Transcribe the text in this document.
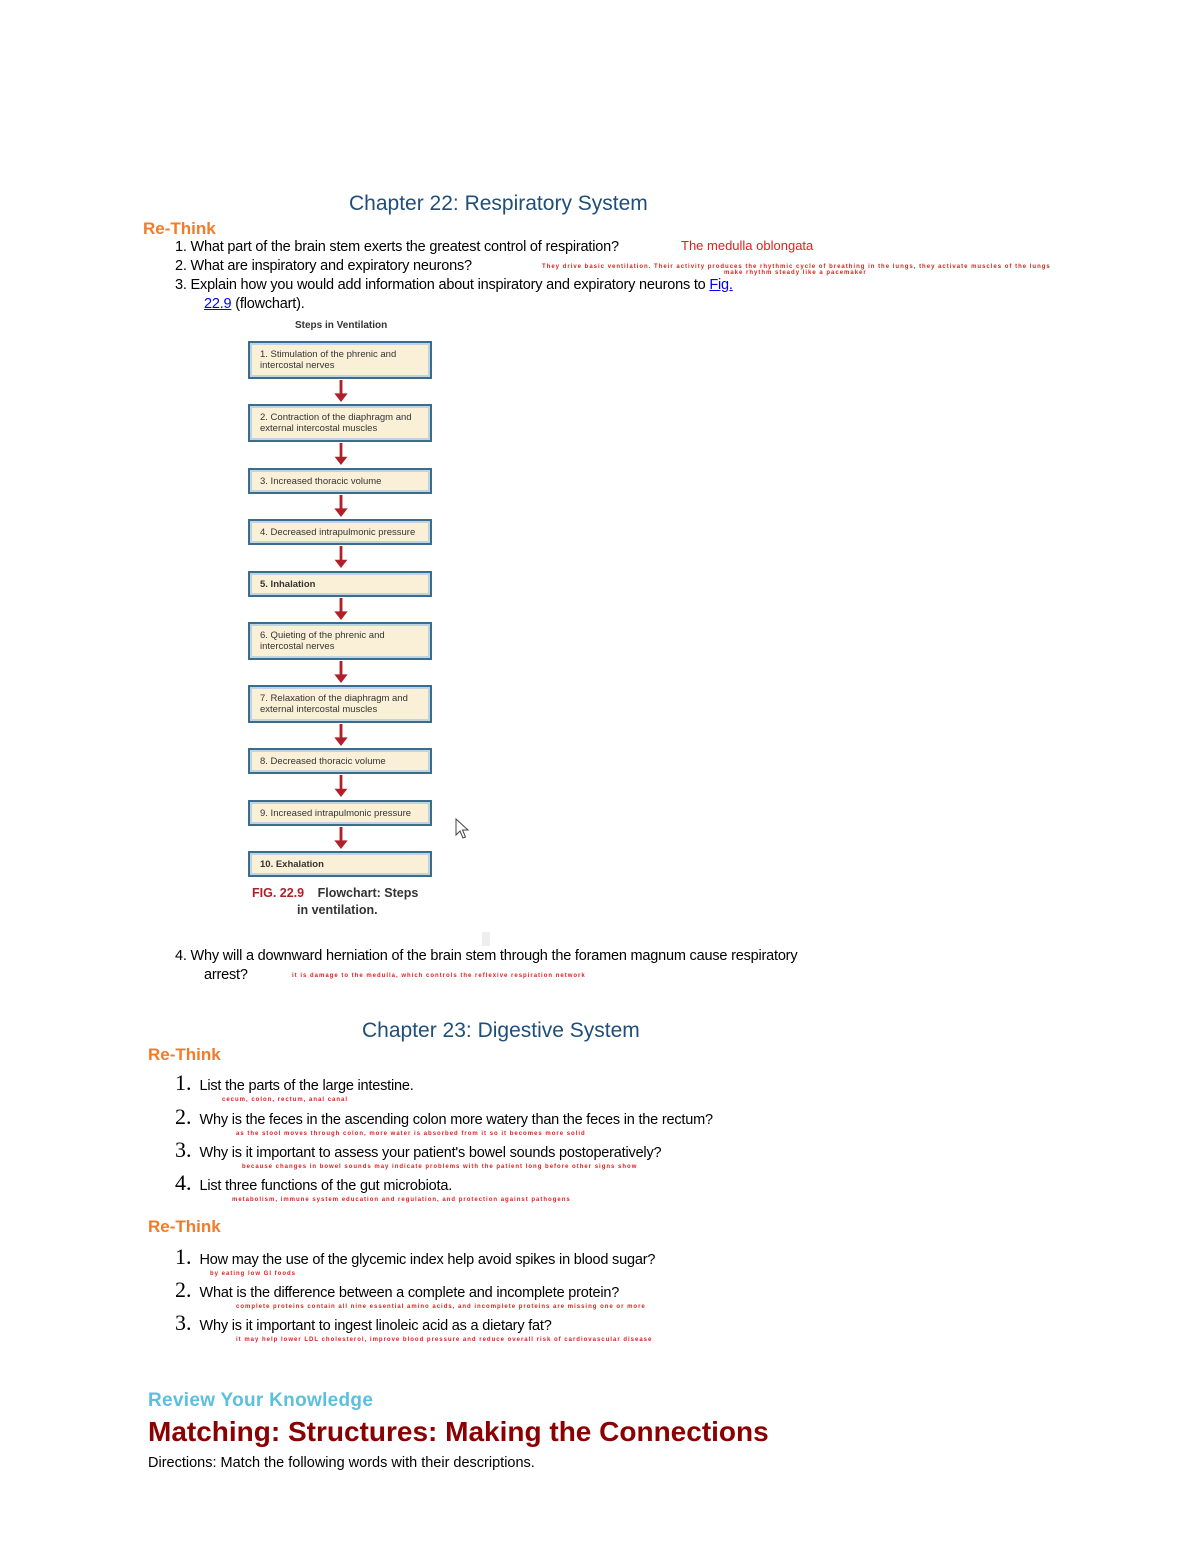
Chapter 22: Respiratory System
Re-Think
1. What part of the brain stem exerts the greatest control of respiration?	The medulla oblongata
2. What are inspiratory and expiratory neurons?	They drive basic ventilation. Their activity produces the rhythmic cycle of breathing in the lungs, they activate muscles of the lungs
make rhythm steady like a pacemaker
3. Explain how you would add information about inspiratory and expiratory neurons to Fig.
22.9 (flowchart).
Steps in Ventilation
1. Stimulation of the phrenic and intercostal nerves
2. Contraction of the diaphragm and external intercostal muscles
3. Increased thoracic volume
4. Decreased intrapulmonic pressure
5. Inhalation
6. Quieting of the phrenic and intercostal nerves
7. Relaxation of the diaphragm and external intercostal muscles
8. Decreased thoracic volume
9. Increased intrapulmonic pressure
10. Exhalation
FIG. 22.9 Flowchart: Steps
in ventilation.
4. Why will a downward herniation of the brain stem through the foramen magnum cause respiratory
arrest?	it is damage to the medulla, which controls the reflexive respiration network
Chapter 23: Digestive System
Re-Think
1. List the parts of the large intestine.
cecum, colon, rectum, anal canal
2. Why is the feces in the ascending colon more watery than the feces in the rectum?
as the stool moves through colon, more water is absorbed from it so it becomes more solid
3. Why is it important to assess your patient's bowel sounds postoperatively?
because changes in bowel sounds may indicate problems with the patient long before other signs show
4. List three functions of the gut microbiota.
metabolism, immune system education and regulation, and protection against pathogens
Re-Think
1. How may the use of the glycemic index help avoid spikes in blood sugar?
by eating low GI foods
2. What is the difference between a complete and incomplete protein?
complete proteins contain all nine essential amino acids, and incomplete proteins are missing one or more
3. Why is it important to ingest linoleic acid as a dietary fat?
it may help lower LDL cholesterol, improve blood pressure and reduce overall risk of cardiovascular disease
Review Your Knowledge
Matching: Structures: Making the Connections
Directions: Match the following words with their descriptions.
